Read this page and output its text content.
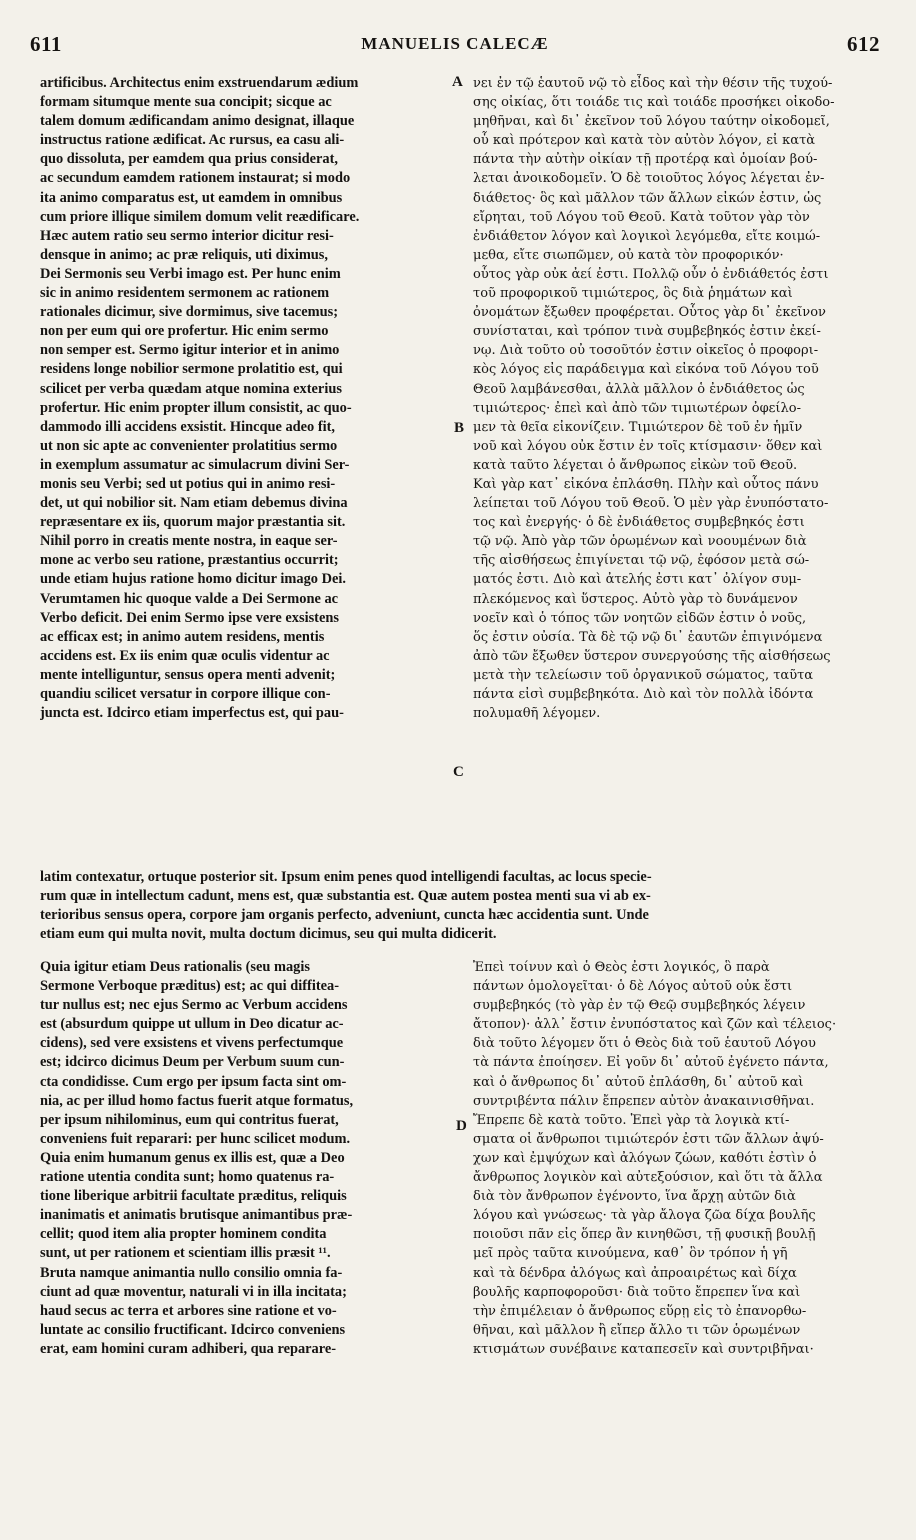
611	MANUELIS CALECÆ	612

artificibus. Architectus enim exstruendarum ædium

formam situmque mente sua concipit; sicque ac

talem domum ædificandam animo designat, illaque

instructus ratione ædificat. Ac rursus, ea casu ali-

quo dissoluta, per eamdem qua prius considerat,

ac secundum eamdem rationem instaurat; si modo

ita animo comparatus est, ut eamdem in omnibus

cum priore illique similem domum velit reædificare.

Hæc autem ratio seu sermo interior dicitur resi-

densque in animo; ac præ reliquis, uti diximus,

Dei Sermonis seu Verbi imago est. Per hunc enim

sic in animo residentem sermonem ac rationem

rationales dicimur, sive dormimus, sive tacemus;

non per eum qui ore profertur. Hic enim sermo

non semper est. Sermo igitur interior et in animo

residens longe nobilior sermone prolatitio est, qui

scilicet per verba quædam atque nomina exterius

profertur. Hic enim propter illum consistit, ac quo-

dammodo illi accidens exsistit. Hincque adeo fit,

ut non sic apte ac convenienter prolatitius sermo

in exemplum assumatur ac simulacrum divini Ser-

monis seu Verbi; sed ut potius qui in animo resi-

det, ut qui nobilior sit. Nam etiam debemus divina

repræsentare ex iis, quorum major præstantia sit.

Nihil porro in creatis mente nostra, in eaque ser-

mone ac verbo seu ratione, præstantius occurrit;

unde etiam hujus ratione homo dicitur imago Dei.

Verumtamen hic quoque valde a Dei Sermone ac

Verbo deficit. Dei enim Sermo ipse vere exsistens

ac efficax est; in animo autem residens, mentis

accidens est. Ex iis enim quæ oculis videntur ac

mente intelliguntur, sensus opera menti advenit;

quandiu scilicet versatur in corpore illique con-

juncta est. Idcirco etiam imperfectus est, qui pau-

νει ἐν τῷ ἑαυτοῦ νῷ τὸ εἶδος καὶ τὴν θέσιν τῆς τυχού-

σης οἰκίας, ὅτι τοιάδε τις καὶ τοιάδε προσήκει οἰκοδο-

μηθῆναι, καὶ δι᾽ ἐκεῖνον τοῦ λόγου ταύτην οἰκοδομεῖ,

οὗ καὶ πρότερον καὶ κατὰ τὸν αὐτὸν λόγον, εἰ κατὰ

πάντα τὴν αὐτὴν οἰκίαν τῇ προτέρᾳ καὶ ὁμοίαν βού-

λεται ἀνοικοδομεῖν. Ὁ δὲ τοιοῦτος λόγος λέγεται ἐν-

διάθετος· ὃς καὶ μᾶλλον τῶν ἄλλων εἰκών ἐστιν, ὡς

εἴρηται, τοῦ Λόγου τοῦ Θεοῦ. Κατὰ τοῦτον γὰρ τὸν

ἐνδιάθετον λόγον καὶ λογικοὶ λεγόμεθα, εἴτε κοιμώ-

μεθα, εἴτε σιωπῶμεν, οὐ κατὰ τὸν προφορικόν·

οὗτος γὰρ οὐκ ἀεί ἐστι. Πολλῷ οὖν ὁ ἐνδιάθετός ἐστι

τοῦ προφορικοῦ τιμιώτερος, ὃς διὰ ῥημάτων καὶ

ὀνομάτων ἔξωθεν προφέρεται. Οὗτος γὰρ δι᾽ ἐκεῖνον

συνίσταται, καὶ τρόπον τινὰ συμβεβηκός ἐστιν ἐκεί-

νῳ. Διὰ τοῦτο οὐ τοσοῦτόν ἐστιν οἰκεῖος ὁ προφορι-

κὸς λόγος εἰς παράδειγμα καὶ εἰκόνα τοῦ Λόγου τοῦ

Θεοῦ λαμβάνεσθαι, ἀλλὰ μᾶλλον ὁ ἐνδιάθετος ὡς

τιμιώτερος· ἐπεὶ καὶ ἀπὸ τῶν τιμιωτέρων ὀφείλο-

μεν τὰ θεῖα εἰκονίζειν. Τιμιώτερον δὲ τοῦ ἐν ἡμῖν

νοῦ καὶ λόγου οὐκ ἔστιν ἐν τοῖς κτίσμασιν· ὅθεν καὶ

κατὰ ταῦτο λέγεται ὁ ἄνθρωπος εἰκὼν τοῦ Θεοῦ.

Καὶ γὰρ κατ᾽ εἰκόνα ἐπλάσθη. Πλὴν καὶ οὗτος πάνυ

λείπεται τοῦ Λόγου τοῦ Θεοῦ. Ὁ μὲν γὰρ ἐνυπόστατο-

τος καὶ ἐνεργής· ὁ δὲ ἐνδιάθετος συμβεβηκός ἐστι

τῷ νῷ. Ἀπὸ γὰρ τῶν ὁρωμένων καὶ νοουμένων διὰ

τῆς αἰσθήσεως ἐπιγίνεται τῷ νῷ, ἐφόσον μετὰ σώ-

ματός ἐστι. Διὸ καὶ ἀτελής ἐστι κατ᾽ ὀλίγον συμ-

πλεκόμενος καὶ ὕστερος. Αὐτὸ γὰρ τὸ δυνάμενον

νοεῖν καὶ ὁ τόπος τῶν νοητῶν εἰδῶν ἐστιν ὁ νοῦς,

ὅς ἐστιν οὐσία. Τὰ δὲ τῷ νῷ δι᾽ ἑαυτῶν ἐπιγινόμενα

ἀπὸ τῶν ἔξωθεν ὕστερον συνεργούσης τῆς αἰσθήσεως

μετὰ τὴν τελείωσιν τοῦ ὀργανικοῦ σώματος, ταῦτα

πάντα εἰσὶ συμβεβηκότα. Διὸ καὶ τὸν πολλὰ ἰδόντα

πολυμαθῆ λέγομεν.

A
B
C
D

latim contexatur, ortuque posterior sit. Ipsum enim penes quod intelligendi facultas, ac locus specie-

rum quæ in intellectum cadunt, mens est, quæ substantia est. Quæ autem postea menti sua vi ab ex-

terioribus sensus opera, corpore jam organis perfecto, adveniunt, cuncta hæc accidentia sunt. Unde

etiam eum qui multa novit, multa doctum dicimus, seu qui multa didicerit.

Quia igitur etiam Deus rationalis (seu magis

Sermone Verboque præditus) est; ac qui diffitea-

tur nullus est; nec ejus Sermo ac Verbum accidens

est (absurdum quippe ut ullum in Deo dicatur ac-

cidens), sed vere exsistens et vivens perfectumque

est; idcirco dicimus Deum per Verbum suum cun-

cta condidisse. Cum ergo per ipsum facta sint om-

nia, ac per illud homo factus fuerit atque formatus,

per ipsum nihilominus, eum qui contritus fuerat,

conveniens fuit reparari: per hunc scilicet modum.

Quia enim humanum genus ex illis est, quæ a Deo

ratione utentia condita sunt; homo quatenus ra-

tione liberique arbitrii facultate præditus, reliquis

inanimatis et animatis brutisque animantibus præ-

cellit; quod item alia propter hominem condita

sunt, ut per rationem et scientiam illis præsit ¹¹.

Bruta namque animantia nullo consilio omnia fa-

ciunt ad quæ moventur, naturali vi in illa incitata;

haud secus ac terra et arbores sine ratione et vo-

luntate ac consilio fructificant. Idcirco conveniens

erat, eam homini curam adhiberi, qua reparare-

Ἐπεὶ τοίνυν καὶ ὁ Θεὸς ἐστι λογικός, ὃ παρὰ

πάντων ὁμολογεῖται· ὁ δὲ Λόγος αὐτοῦ οὐκ ἔστι

συμβεβηκός (τὸ γὰρ ἐν τῷ Θεῷ συμβεβηκός λέγειν

ἄτοπον)· ἀλλ᾽ ἔστιν ἐνυπόστατος καὶ ζῶν καὶ τέλειος·

διὰ τοῦτο λέγομεν ὅτι ὁ Θεὸς διὰ τοῦ ἑαυτοῦ Λόγου

τὰ πάντα ἐποίησεν. Εἰ γοῦν δι᾽ αὐτοῦ ἐγένετο πάντα,

καὶ ὁ ἄνθρωπος δι᾽ αὐτοῦ ἐπλάσθη, δι᾽ αὐτοῦ καὶ

συντριβέντα πάλιν ἔπρεπεν αὐτὸν ἀνακαινισθῆναι.

Ἔπρεπε δὲ κατὰ τοῦτο. Ἐπεὶ γὰρ τὰ λογικὰ κτί-

σματα οἱ ἄνθρωποι τιμιώτερόν ἐστι τῶν ἄλλων ἀψύ-

χων καὶ ἐμψύχων καὶ ἀλόγων ζώων, καθότι ἐστὶν ὁ

ἄνθρωπος λογικὸν καὶ αὐτεξούσιον, καὶ ὅτι τὰ ἄλλα

διὰ τὸν ἄνθρωπον ἐγένοντο, ἵνα ἄρχῃ αὐτῶν διὰ

λόγου καὶ γνώσεως· τὰ γὰρ ἄλογα ζῶα δίχα βουλῆς

ποιοῦσι πᾶν εἰς ὅπερ ἂν κινηθῶσι, τῇ φυσικῇ βουλῇ

μεῖ πρὸς ταῦτα κινούμενα, καθ᾽ ὃν τρόπον ἡ γῆ

καὶ τὰ δένδρα ἀλόγως καὶ ἀπροαιρέτως καὶ δίχα

βουλῆς καρποφοροῦσι· διὰ τοῦτο ἔπρεπεν ἵνα καὶ

τὴν ἐπιμέλειαν ὁ ἄνθρωπος εὕρῃ εἰς τὸ ἐπανορθω-

θῆναι, καὶ μᾶλλον ἢ εἴπερ ἄλλο τι τῶν ὁρωμένων

κτισμάτων συνέβαινε καταπεσεῖν καὶ συντριβῆναι·
